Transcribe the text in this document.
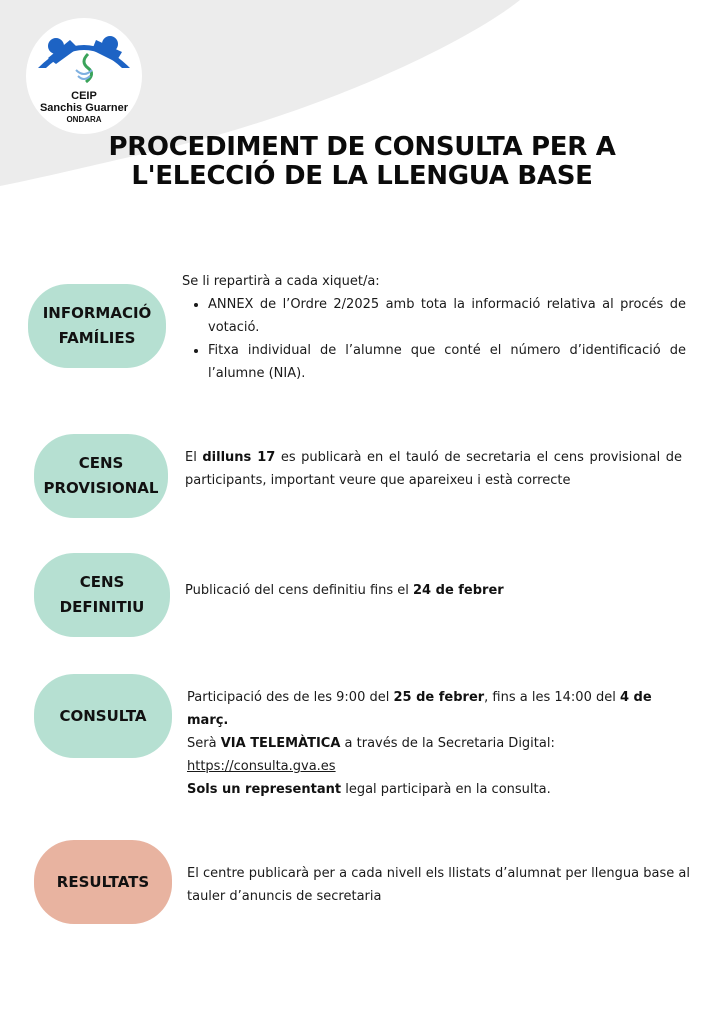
CEIP
Sanchis Guarner
ONDARA
PROCEDIMENT DE CONSULTA PER A
L'ELECCIÓ DE LA LLENGUA BASE
INFORMACIÓ
FAMÍLIES

Se li repartirà a cada xiquet/a:

• ANNEX de l’Ordre 2/2025 amb tota la informació relativa al procés de votació.
• Fitxa individual de l’alumne que conté el número d’identificació de l’alumne (NIA).
CENS
PROVISIONAL

El dilluns 17 es publicarà en el tauló de secretaria el cens provisional de participants, important veure que apareixeu i està correcte

CENS
DEFINITIU

Publicació del cens definitiu fins el 24 de febrer

CONSULTA

Participació des de les 9:00 del 25 de febrer, fins a les 14:00 del 4 de març.

Serà VIA TELEMÀTICA a través de la Secretaria Digital:

https://consulta.gva.es

Sols un representant legal participarà en la consulta.

RESULTATS	El centre publicarà per a cada nivell els llistats d’alumnat per llengua base al tauler d’anuncis de secretaria
